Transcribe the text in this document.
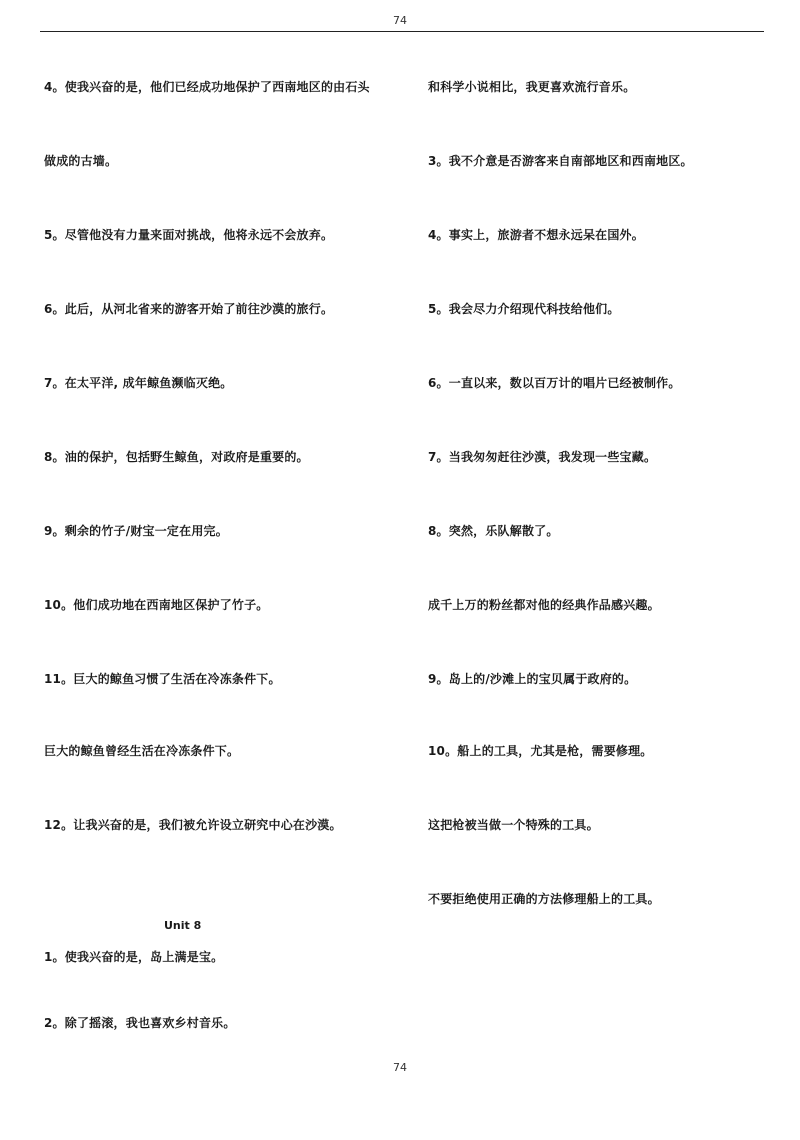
74
4。使我兴奋的是，他们已经成功地保护了西南地区的由石头
做成的古墙。
5。尽管他没有力量来面对挑战，他将永远不会放弃。
6。此后，从河北省来的游客开始了前往沙漠的旅行。
7。在太平洋, 成年鲸鱼濒临灭绝。
8。油的保护，包括野生鲸鱼，对政府是重要的。
9。剩余的竹子/财宝一定在用完。
10。他们成功地在西南地区保护了竹子。
11。巨大的鲸鱼习惯了生活在冷冻条件下。
巨大的鲸鱼曾经生活在冷冻条件下。
12。让我兴奋的是，我们被允许设立研究中心在沙漠。
Unit 8
1。使我兴奋的是，岛上满是宝。
2。除了摇滚，我也喜欢乡村音乐。
和科学小说相比，我更喜欢流行音乐。
3。我不介意是否游客来自南部地区和西南地区。
4。事实上，旅游者不想永远呆在国外。
5。我会尽力介绍现代科技给他们。
6。一直以来，数以百万计的唱片已经被制作。
7。当我匆匆赶往沙漠，我发现一些宝藏。
8。突然，乐队解散了。
成千上万的粉丝都对他的经典作品感兴趣。
9。岛上的/沙滩上的宝贝属于政府的。
10。船上的工具，尤其是枪，需要修理。
这把枪被当做一个特殊的工具。
不要拒绝使用正确的方法修理船上的工具。
74
